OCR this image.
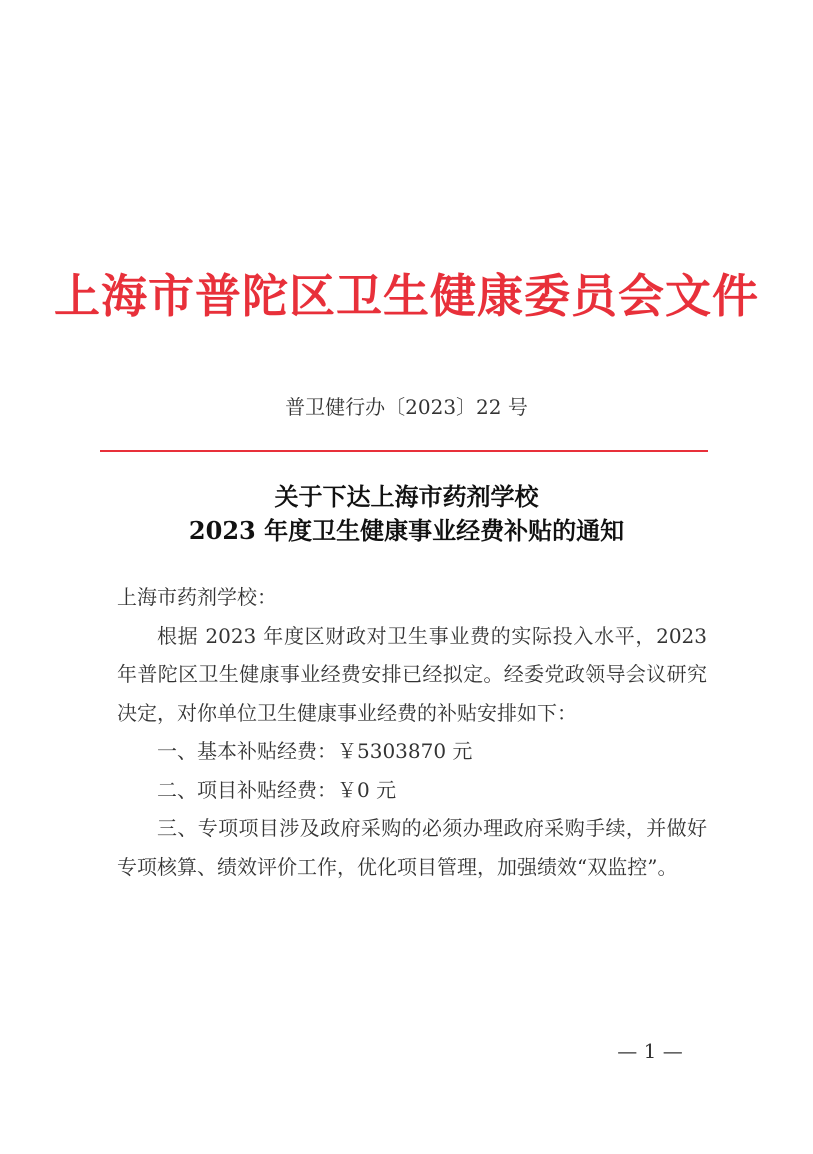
上海市普陀区卫生健康委员会文件
普卫健行办〔2023〕22 号
关于下达上海市药剂学校
2023 年度卫生健康事业经费补贴的通知

上海市药剂学校：

根据 2023 年度区财政对卫生事业费的实际投入水平，2023 年普陀区卫生健康事业经费安排已经拟定。经委党政领导会议研究决定，对你单位卫生健康事业经费的补贴安排如下：

一、基本补贴经费：￥5303870 元

二、项目补贴经费：￥0 元

三、专项项目涉及政府采购的必须办理政府采购手续，并做好专项核算、绩效评价工作，优化项目管理，加强绩效“双监控”。

— 1 —
